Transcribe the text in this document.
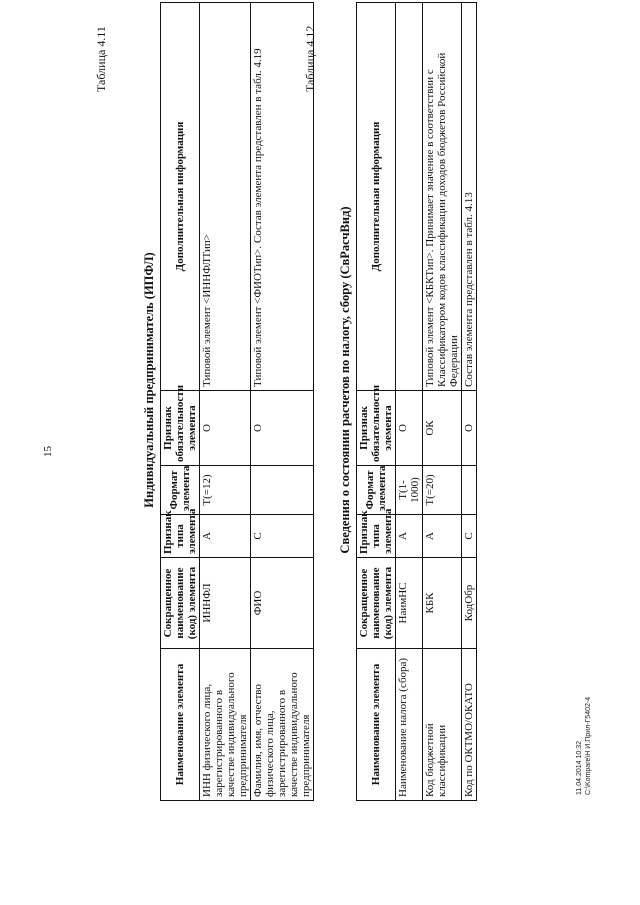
15
Таблица 4.11
Индивидуальный предприниматель (ИПФЛ)
Наименование элемента	Сокращенное наименование (код) элемента	Признак типа элемента	Формат элемента	Признак обязательности элемента	Дополнительная информация
ИНН физического лица, зарегистрированного в качестве индивидуального предпринимателя	ИННФЛ	А	T(=12)	О	Типовой элемент <ИННФЛТип>
Фамилия, имя, отчество физического лица, зарегистрированного в качестве индивидуального предпринимателя	ФИО	С		О	Типовой элемент <ФИОТип>. Состав элемента представлен в табл. 4.19	Таблица 4.12
Сведения о состоянии расчетов по налогу, сбору (СвРасчВид)
Наименование элемента	Сокращенное наименование (код) элемента	Признак типа элемента	Формат элемента	Признак обязательности элемента	Дополнительная информация
Наименование налога (сбора)	НаимНС	А	T(1-1000)	О	
Код бюджетной классификации	КБК	А	T(=20)	ОК	Типовой элемент <КБКТип>. Принимает значение в соответствии с Классификатором кодов классификации доходов бюджетов Российской Федерации
Код по ОКТМО/ОКАТО	КодОбр	С		О	Состав элемента представлен в табл. 4.13
11.04.2014 10:32 С:\Kompare\Н И.Прил-Г5402-4
